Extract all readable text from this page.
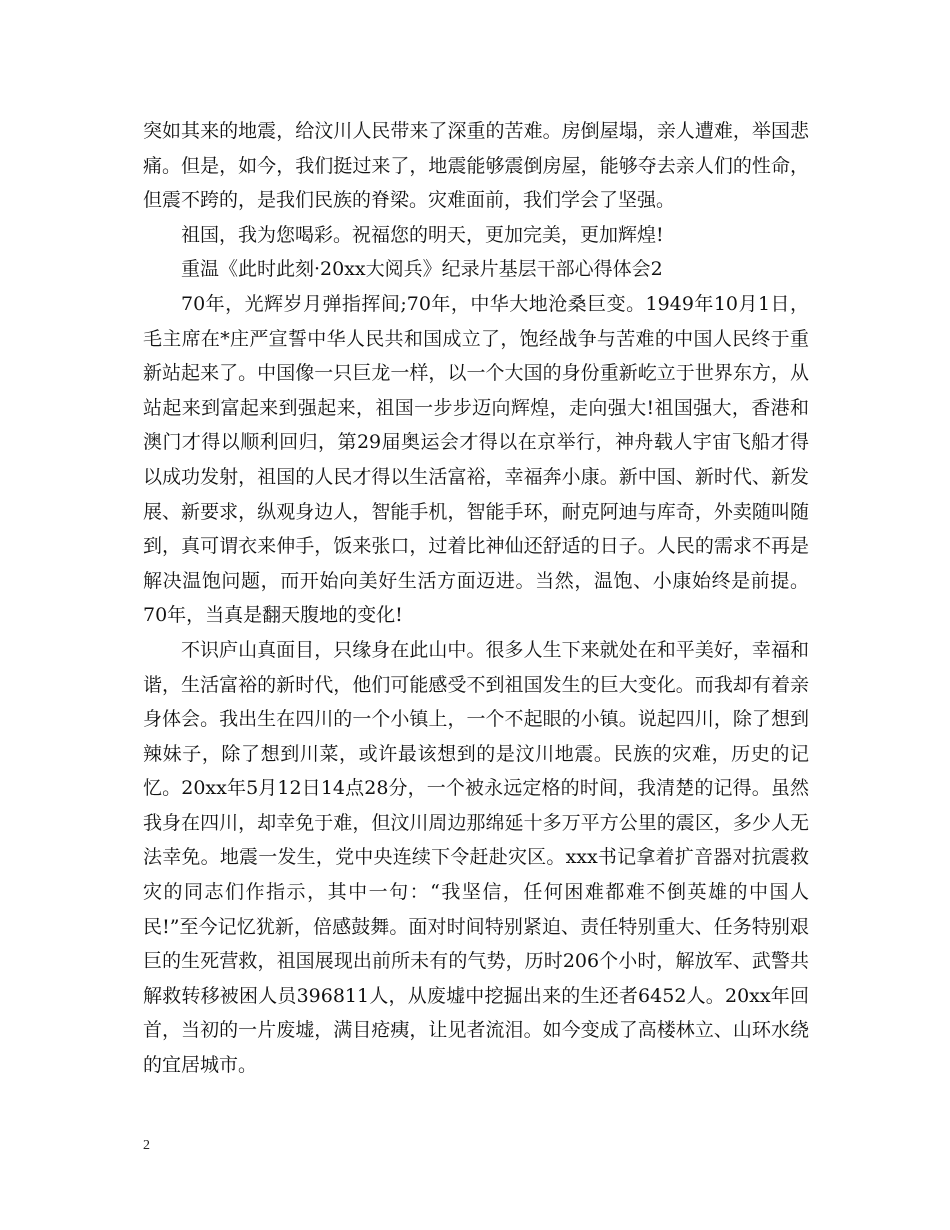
突如其来的地震，给汶川人民带来了深重的苦难。房倒屋塌，亲人遭难，举国悲痛。但是，如今，我们挺过来了，地震能够震倒房屋，能够夺去亲人们的性命，但震不跨的，是我们民族的脊梁。灾难面前，我们学会了坚强。

祖国，我为您喝彩。祝福您的明天，更加完美，更加辉煌!

重温《此时此刻·20xx大阅兵》纪录片基层干部心得体会2

70年，光辉岁月弹指挥间;70年，中华大地沧桑巨变。1949年10月1日，毛主席在*庄严宣誓中华人民共和国成立了，饱经战争与苦难的中国人民终于重新站起来了。中国像一只巨龙一样，以一个大国的身份重新屹立于世界东方，从站起来到富起来到强起来，祖国一步步迈向辉煌，走向强大!祖国强大，香港和澳门才得以顺利回归，第29届奥运会才得以在京举行，神舟载人宇宙飞船才得以成功发射，祖国的人民才得以生活富裕，幸福奔小康。新中国、新时代、新发展、新要求，纵观身边人，智能手机，智能手环，耐克阿迪与库奇，外卖随叫随到，真可谓衣来伸手，饭来张口，过着比神仙还舒适的日子。人民的需求不再是解决温饱问题，而开始向美好生活方面迈进。当然，温饱、小康始终是前提。70年，当真是翻天腹地的变化!

不识庐山真面目，只缘身在此山中。很多人生下来就处在和平美好，幸福和谐，生活富裕的新时代，他们可能感受不到祖国发生的巨大变化。而我却有着亲身体会。我出生在四川的一个小镇上，一个不起眼的小镇。说起四川，除了想到辣妹子，除了想到川菜，或许最该想到的是汶川地震。民族的灾难，历史的记忆。20xx年5月12日14点28分，一个被永远定格的时间，我清楚的记得。虽然我身在四川，却幸免于难，但汶川周边那绵延十多万平方公里的震区，多少人无法幸免。地震一发生，党中央连续下令赶赴灾区。xxx书记拿着扩音器对抗震救灾的同志们作指示，其中一句：“我坚信，任何困难都难不倒英雄的中国人民!”至今记忆犹新，倍感鼓舞。面对时间特别紧迫、责任特别重大、任务特别艰巨的生死营救，祖国展现出前所未有的气势，历时206个小时，解放军、武警共解救转移被困人员396811人，从废墟中挖掘出来的生还者6452人。20xx年回首，当初的一片废墟，满目疮痍，让见者流泪。如今变成了高楼林立、山环水绕的宜居城市。

2
